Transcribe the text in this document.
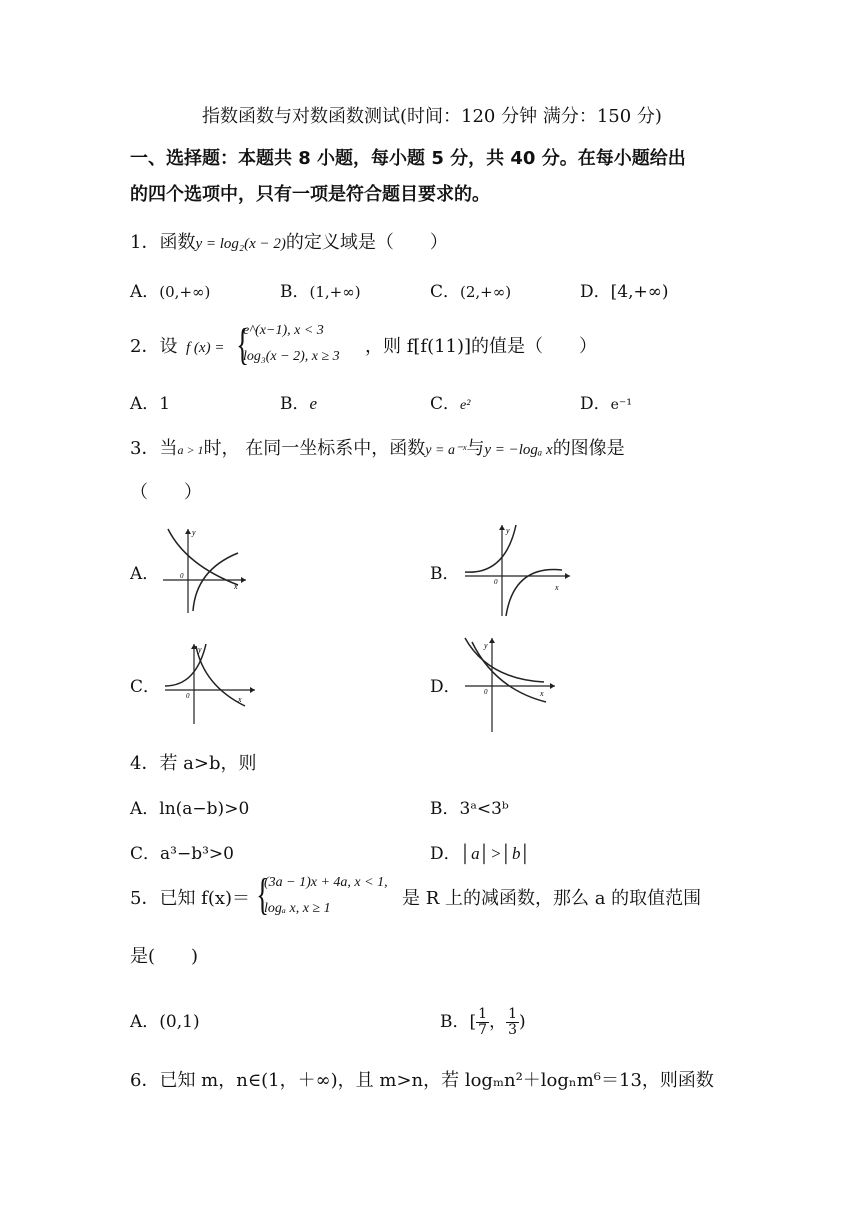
指数函数与对数函数测试(时间：120 分钟 满分：150 分)
一、选择题：本题共 8 小题，每小题 5 分，共 40 分。在每小题给出
的四个选项中，只有一项是符合题目要求的。
1．函数y = log₂(x − 2)的定义域是（　　）
A．(0,+∞)	B．(1,+∞)	C．(2,+∞)	D．[4,+∞)
2．设 f (x) = {
e^(x−1), x < 3
log₃(x − 2), x ≥ 3 ，则 f[f(11)]的值是（　　）
A．1	B．e	C．e²	D．e⁻¹
3．当a > 1时， 在同一坐标系中，函数y = a⁻ˣ与y = −logₐ x的图像是
（　　）
A．
y
x
0	B．
y
x
0
C．
y
x
0	D．
y
x
0
4．若 a>b，则
A．ln(a−b)>0	B．3ᵃ<3ᵇ
C．a³−b³>0	D．│a│>│b│
5．已知 f(x)＝ {
(3a − 1)x + 4a, x < 1,
logₐ x, x ≥ 1	是 R 上的减函数，那么 a 的取值范围
是(　　)
A．(0,1)	B．[ $\frac{1}{7}$ ， $\frac{1}{3}$ )
6．已知 m，n∈(1，＋∞)，且 m>n，若 logₘn²＋logₙm⁶＝13，则函数
